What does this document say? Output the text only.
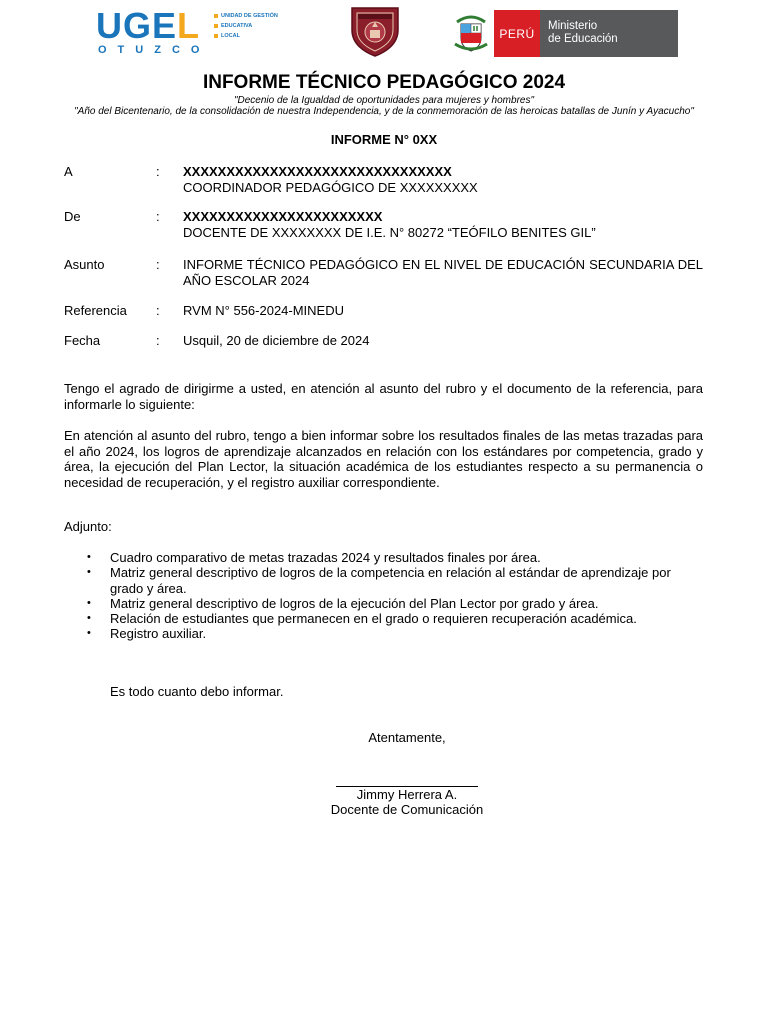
UGEL
OTUZCO
UNIDAD DE GESTIÓN
EDUCATIVA
LOCAL	PERÚ
Ministerio
de Educación
INFORME TÉCNICO PEDAGÓGICO 2024
"Decenio de la Igualdad de oportunidades para mujeres y hombres"
"Año del Bicentenario, de la consolidación de nuestra Independencia, y de la conmemoración de las heroicas batallas de Junín y Ayacucho"
INFORME N° 0XX
A	: XXXXXXXXXXXXXXXXXXXXXXXXXXXXXXX
COORDINADOR PEDAGÓGICO DE XXXXXXXXX
De	: XXXXXXXXXXXXXXXXXXXXXXX
DOCENTE DE XXXXXXXX DE I.E. N° 80272 “TEÓFILO BENITES GIL”
Asunto	: INFORME TÉCNICO PEDAGÓGICO EN EL NIVEL DE EDUCACIÓN SECUNDARIA DEL AÑO ESCOLAR 2024
Referencia : RVM N° 556-2024-MINEDU
Fecha	: Usquil, 20 de diciembre de 2024
Tengo el agrado de dirigirme a usted, en atención al asunto del rubro y el documento de la referencia, para informarle lo siguiente:
En atención al asunto del rubro, tengo a bien informar sobre los resultados finales de las metas trazadas para el año 2024, los logros de aprendizaje alcanzados en relación con los estándares por competencia, grado y área, la ejecución del Plan Lector, la situación académica de los estudiantes respecto a su permanencia o necesidad de recuperación, y el registro auxiliar correspondiente.
Adjunto:
• Cuadro comparativo de metas trazadas 2024 y resultados finales por área.
• Matriz general descriptivo de logros de la competencia en relación al estándar de aprendizaje por grado y área.
• Matriz general descriptivo de logros de la ejecución del Plan Lector por grado y área.
• Relación de estudiantes que permanecen en el grado o requieren recuperación académica.
• Registro auxiliar.
Es todo cuanto debo informar.
Atentamente,
Jimmy Herrera A.
Docente de Comunicación
